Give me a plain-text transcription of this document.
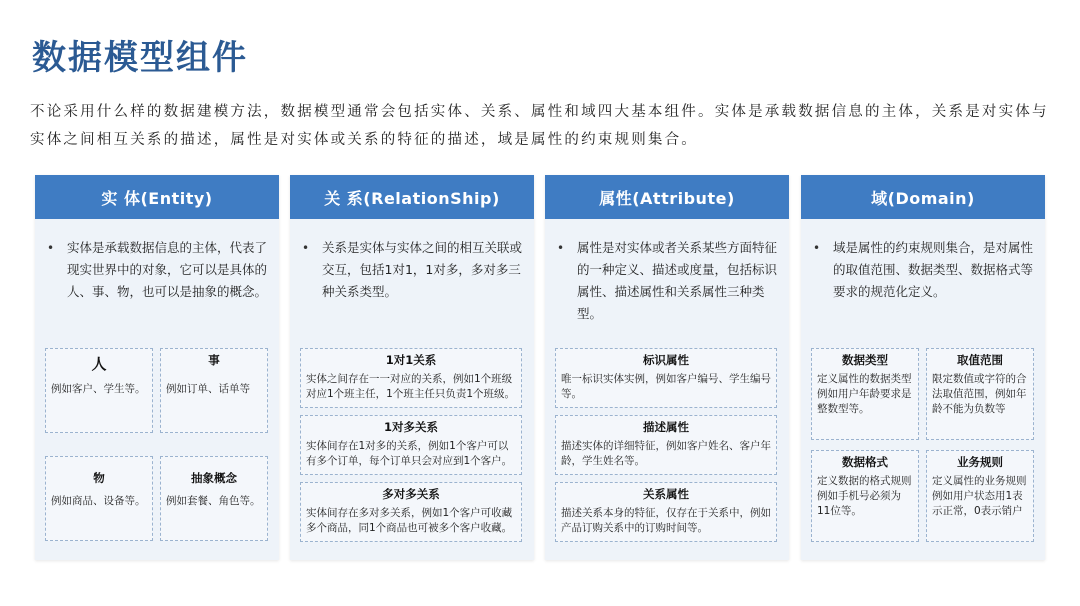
数据模型组件
不论采用什么样的数据建模方法，数据模型通常会包括实体、关系、属性和域四大基本组件。实体是承载数据信息的主体，关系是对实体与实体之间相互关系的描述，属性是对实体或关系的特征的描述，域是属性的约束规则集合。
实 体(Entity)
•	实体是承载数据信息的主体，代表了现实世界中的对象，它可以是具体的人、事、物，也可以是抽象的概念。
人
例如客户、学生等。
事
例如订单、话单等
物
例如商品、设备等。
抽象概念
例如套餐、角色等。
关 系(RelationShip)
•	关系是实体与实体之间的相互关联或交互，包括1对1，1对多，多对多三种关系类型。
1对1关系
实体之间存在一一对应的关系，例如1个班级对应1个班主任，1个班主任只负责1个班级。
1对多关系
实体间存在1对多的关系，例如1个客户可以有多个订单，每个订单只会对应到1个客户。
多对多关系
实体间存在多对多关系，例如1个客户可收藏多个商品，同1个商品也可被多个客户收藏。
属性(Attribute)
•	属性是对实体或者关系某些方面特征的一种定义、描述或度量，包括标识属性、描述属性和关系属性三种类型。
标识属性
唯一标识实体实例，例如客户编号、学生编号等。
描述属性
描述实体的详细特征，例如客户姓名、客户年龄，学生姓名等。
关系属性
描述关系本身的特征，仅存在于关系中，例如产品订购关系中的订购时间等。
域(Domain)
•	域是属性的约束规则集合，是对属性的取值范围、数据类型、数据格式等要求的规范化定义。
数据类型
定义属性的数据类型例如用户年龄要求是整数型等。
取值范围
限定数值或字符的合法取值范围，例如年龄不能为负数等
数据格式
定义数据的格式规则例如手机号必须为11位等。
业务规则
定义属性的业务规则例如用户状态用1表示正常，0表示销户
